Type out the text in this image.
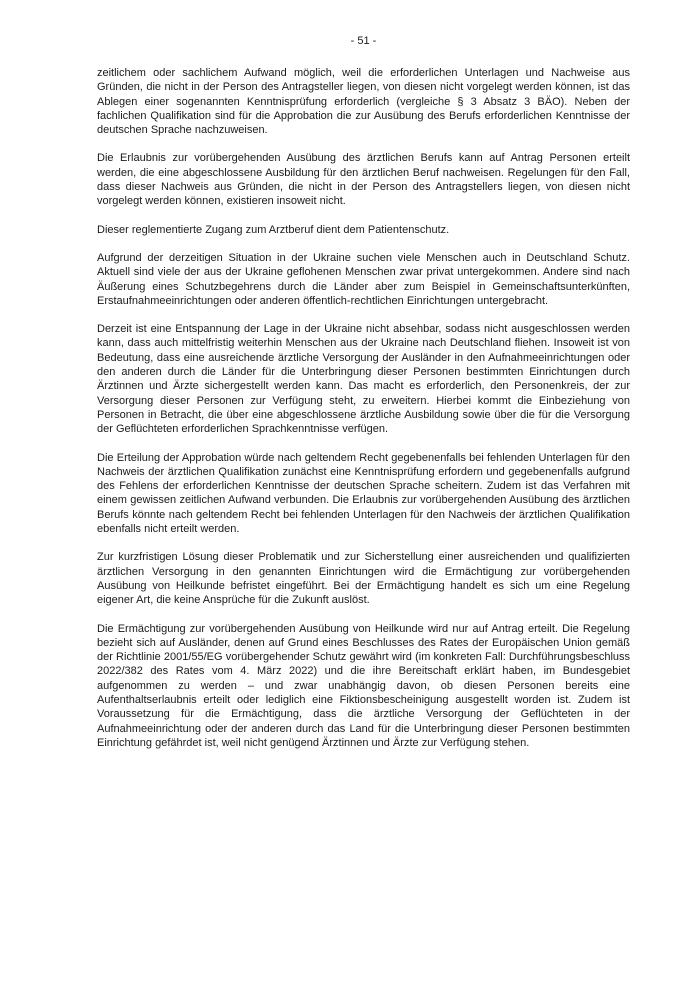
- 51 -

zeitlichem oder sachlichem Aufwand möglich, weil die erforderlichen Unterlagen und Nachweise aus Gründen, die nicht in der Person des Antragsteller liegen, von diesen nicht vorgelegt werden können, ist das Ablegen einer sogenannten Kenntnisprüfung erforderlich (vergleiche § 3 Absatz 3 BÄO). Neben der fachlichen Qualifikation sind für die Approbation die zur Ausübung des Berufs erforderlichen Kenntnisse der deutschen Sprache nachzuweisen.

Die Erlaubnis zur vorübergehenden Ausübung des ärztlichen Berufs kann auf Antrag Personen erteilt werden, die eine abgeschlossene Ausbildung für den ärztlichen Beruf nachweisen. Regelungen für den Fall, dass dieser Nachweis aus Gründen, die nicht in der Person des Antragstellers liegen, von diesen nicht vorgelegt werden können, existieren insoweit nicht.

Dieser reglementierte Zugang zum Arztberuf dient dem Patientenschutz.

Aufgrund der derzeitigen Situation in der Ukraine suchen viele Menschen auch in Deutschland Schutz. Aktuell sind viele der aus der Ukraine geflohenen Menschen zwar privat untergekommen. Andere sind nach Äußerung eines Schutzbegehrens durch die Länder aber zum Beispiel in Gemeinschaftsunterkünften, Erstaufnahmeeinrichtungen oder anderen öffentlich-rechtlichen Einrichtungen untergebracht.

Derzeit ist eine Entspannung der Lage in der Ukraine nicht absehbar, sodass nicht ausgeschlossen werden kann, dass auch mittelfristig weiterhin Menschen aus der Ukraine nach Deutschland fliehen. Insoweit ist von Bedeutung, dass eine ausreichende ärztliche Versorgung der Ausländer in den Aufnahmeeinrichtungen oder den anderen durch die Länder für die Unterbringung dieser Personen bestimmten Einrichtungen durch Ärztinnen und Ärzte sichergestellt werden kann. Das macht es erforderlich, den Personenkreis, der zur Versorgung dieser Personen zur Verfügung steht, zu erweitern. Hierbei kommt die Einbeziehung von Personen in Betracht, die über eine abgeschlossene ärztliche Ausbildung sowie über die für die Versorgung der Geflüchteten erforderlichen Sprachkenntnisse verfügen.

Die Erteilung der Approbation würde nach geltendem Recht gegebenenfalls bei fehlenden Unterlagen für den Nachweis der ärztlichen Qualifikation zunächst eine Kenntnisprüfung erfordern und gegebenenfalls aufgrund des Fehlens der erforderlichen Kenntnisse der deutschen Sprache scheitern. Zudem ist das Verfahren mit einem gewissen zeitlichen Aufwand verbunden. Die Erlaubnis zur vorübergehenden Ausübung des ärztlichen Berufs könnte nach geltendem Recht bei fehlenden Unterlagen für den Nachweis der ärztlichen Qualifikation ebenfalls nicht erteilt werden.

Zur kurzfristigen Lösung dieser Problematik und zur Sicherstellung einer ausreichenden und qualifizierten ärztlichen Versorgung in den genannten Einrichtungen wird die Ermächtigung zur vorübergehenden Ausübung von Heilkunde befristet eingeführt. Bei der Ermächtigung handelt es sich um eine Regelung eigener Art, die keine Ansprüche für die Zukunft auslöst.

Die Ermächtigung zur vorübergehenden Ausübung von Heilkunde wird nur auf Antrag erteilt. Die Regelung bezieht sich auf Ausländer, denen auf Grund eines Beschlusses des Rates der Europäischen Union gemäß der Richtlinie 2001/55/EG vorübergehender Schutz gewährt wird (im konkreten Fall: Durchführungsbeschluss 2022/382 des Rates vom 4. März 2022) und die ihre Bereitschaft erklärt haben, im Bundesgebiet aufgenommen zu werden – und zwar unabhängig davon, ob diesen Personen bereits eine Aufenthaltserlaubnis erteilt oder lediglich eine Fiktionsbescheinigung ausgestellt worden ist. Zudem ist Voraussetzung für die Ermächtigung, dass die ärztliche Versorgung der Geflüchteten in der Aufnahmeeinrichtung oder der anderen durch das Land für die Unterbringung dieser Personen bestimmten Einrichtung gefährdet ist, weil nicht genügend Ärztinnen und Ärzte zur Verfügung stehen.
